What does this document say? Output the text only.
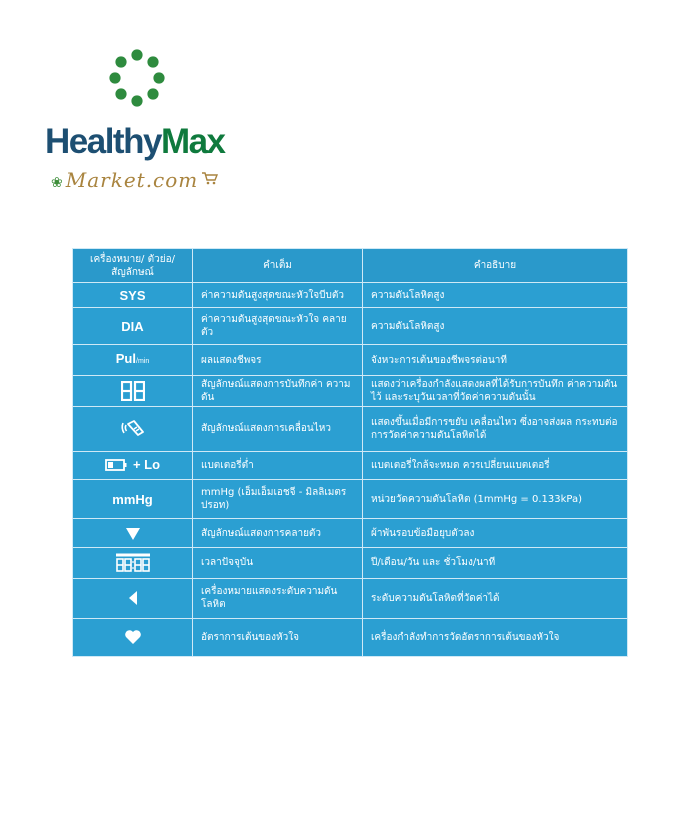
HealthyMax
❀ Market.com
เครื่องหมาย/ ตัวย่อ/สัญลักษณ์	คำเต็ม	คำอธิบาย
SYS	ค่าความดันสูงสุดขณะหัวใจบีบตัว	ความดันโลหิตสูง
DIA	ค่าความดันสูงสุดขณะหัวใจ คลายตัว	ความดันโลหิตสูง
Pul/min	ผลแสดงชีพจร	จังหวะการเต้นของชีพจรต่อนาที
	สัญลักษณ์แสดงการบันทึกค่า ความดัน	แสดงว่าเครื่องกำลังแสดงผลที่ได้รับการบันทึก ค่าความดันไว้ และระบุวันเวลาที่วัดค่าความดันนั้น
	สัญลักษณ์แสดงการเคลื่อนไหว	แสดงขึ้นเมื่อมีการขยับ เคลื่อนไหว ซึ่งอาจส่งผล กระทบต่อการวัดค่าความดันโลหิตได้

+ Lo	แบตเตอรี่ต่ำ	แบตเตอรี่ใกล้จะหมด ควรเปลี่ยนแบตเตอรี่
mmHg	mmHg (เอ็มเอ็มเอชจี - มิลลิเมตร ปรอท)	หน่วยวัดความดันโลหิต (1mmHg = 0.133kPa)
	สัญลักษณ์แสดงการคลายตัว	ผ้าพันรอบข้อมือยุบตัวลง
	เวลาปัจจุบัน	ปี/เดือน/วัน และ ชั่วโมง/นาที
	เครื่องหมายแสดงระดับความดัน โลหิต	ระดับความดันโลหิตที่วัดค่าได้
	อัตราการเต้นของหัวใจ	เครื่องกำลังทำการวัดอัตราการเต้นของหัวใจ
